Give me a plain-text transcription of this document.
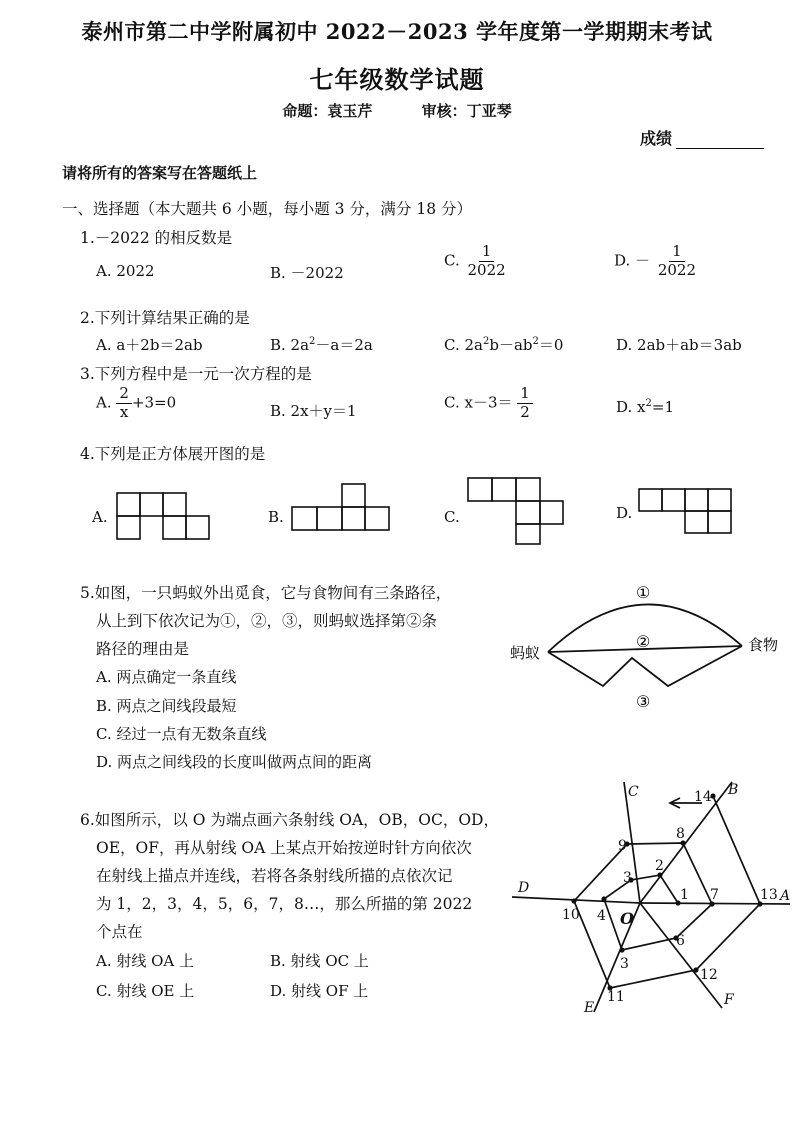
泰州市第二中学附属初中 2022－2023 学年度第一学期期末考试
七年级数学试题
命题：袁玉芹	审核：丁亚琴
成绩
请将所有的答案写在答题纸上
一、选择题（本大题共 6 小题，每小题 3 分，满分 18 分）
1.－2022 的相反数是
A. 2022	B. －2022
C. $\frac{1}{2022}$	D. － $\frac{1}{2022}$
2.下列计算结果正确的是
A. a＋2b＝2ab	B. $2a^2-a=2a$	C. $2a^2b-ab^2=0$	D. 2ab＋ab＝3ab
3.下列方程中是一元一次方程的是
A. $\frac{2}{x} +3=0$	B. 2x＋y＝1	C. $x-3= \frac{1}{2}$	D. $x^2=1$
4.下列是正方体展开图的是
A.	B.	C.	D.
5.如图，一只蚂蚁外出觅食，它与食物间有三条路径，
从上到下依次记为①，②，③，则蚂蚁选择第②条
路径的理由是
A. 两点确定一条直线
B. 两点之间线段最短
C. 经过一点有无数条直线
D. 两点之间线段的长度叫做两点间的距离
蚂蚁	食物
①
②
③
6.如图所示，以 O 为端点画六条射线 OA，OB，OC，OD，
OE，OF，再从射线 OA 上某点开始按逆时针方向依次
在射线上描点并连线，若将各条射线所描的点依次记
为 1，2，3，4，5，6，7，8…，那么所描的第 2022
个点在
A. 射线 OA 上	B. 射线 OC 上
C. 射线 OE 上	D. 射线 OF 上
O
A
B
C
D
E	F
1
2
3
4
3
6
7
8
9
10
11
12
13
14
